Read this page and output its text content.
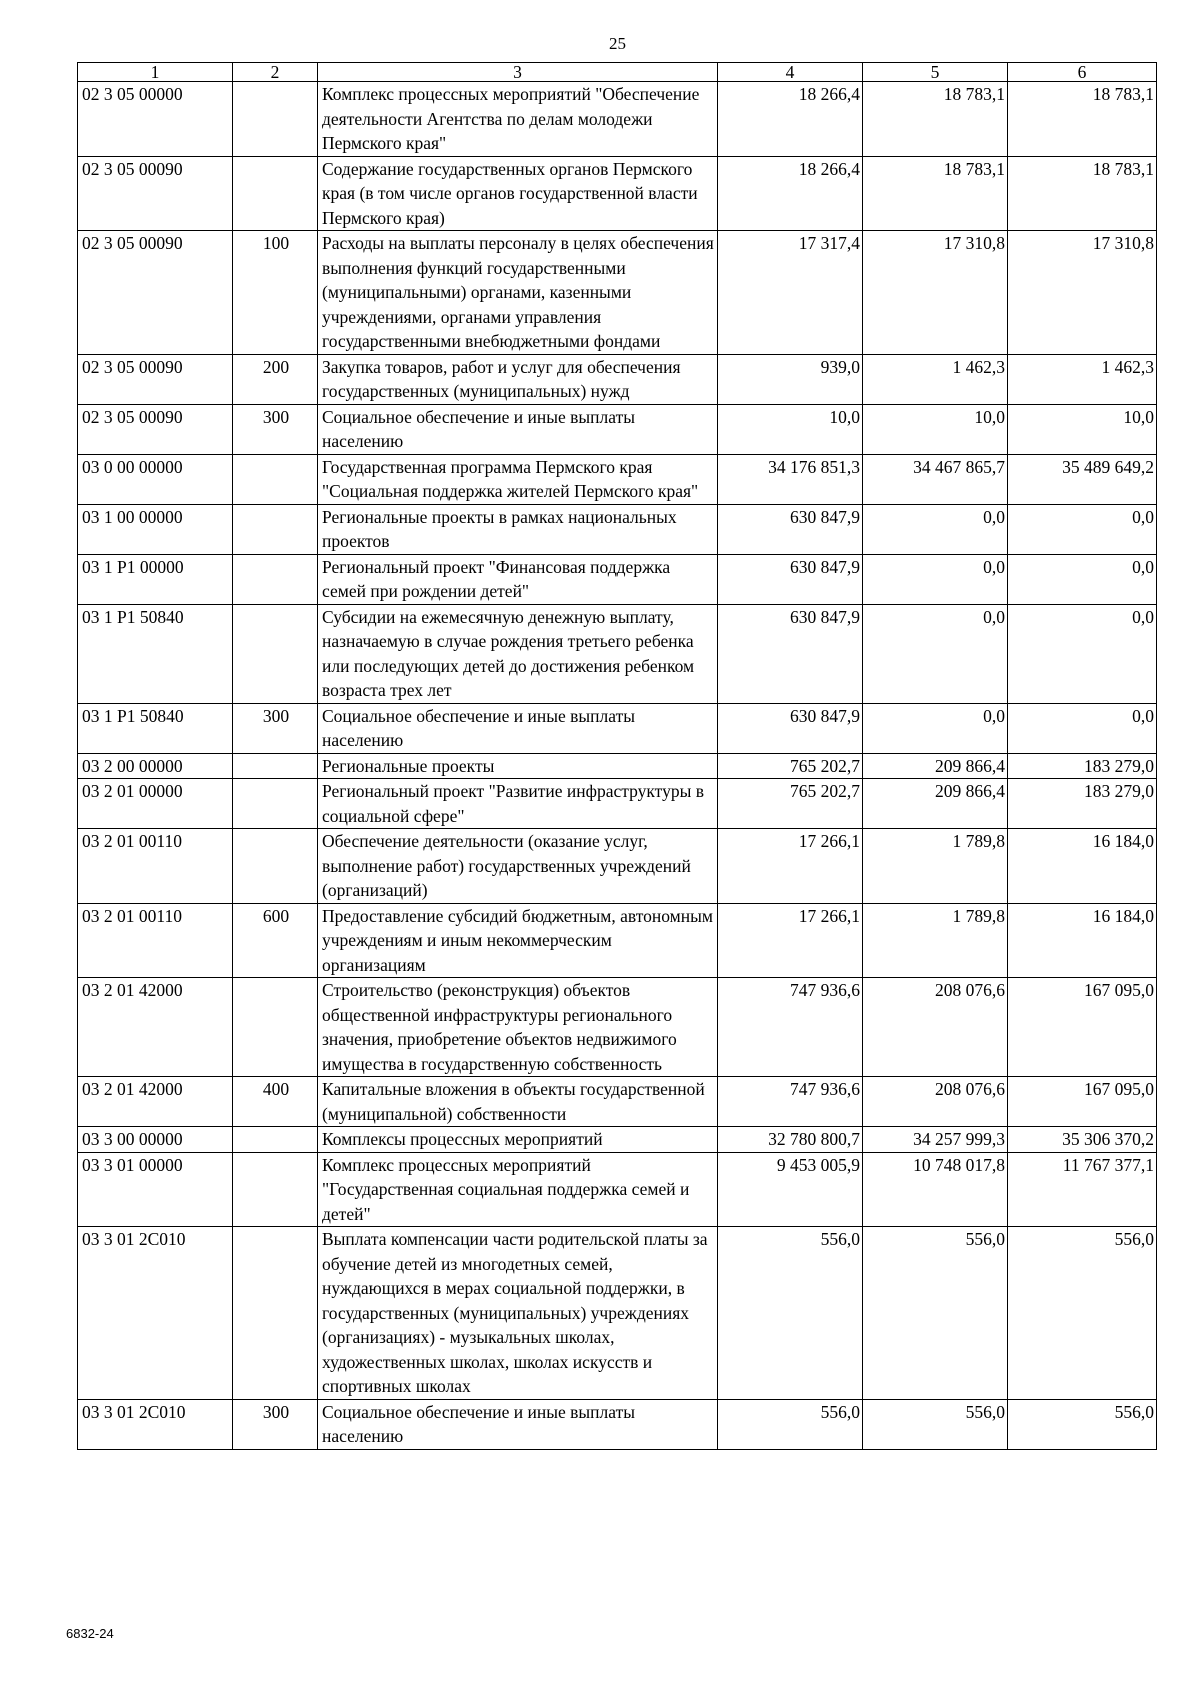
25
1	2	3	4	5	6
02 3 05 00000		Комплекс процессных мероприятий "Обеспечение деятельности Агентства по делам молодежи Пермского края"	18 266,4	18 783,1	18 783,1
02 3 05 00090		Содержание государственных органов Пермского края (в том числе органов государственной власти Пермского края)	18 266,4	18 783,1	18 783,1
02 3 05 00090	100	Расходы на выплаты персоналу в целях обеспечения выполнения функций государственными (муниципальными) органами, казенными учреждениями, органами управления государственными внебюджетными фондами	17 317,4	17 310,8	17 310,8
02 3 05 00090	200	Закупка товаров, работ и услуг для обеспечения государственных (муниципальных) нужд	939,0	1 462,3	1 462,3
02 3 05 00090	300	Социальное обеспечение и иные выплаты населению	10,0	10,0	10,0
03 0 00 00000		Государственная программа Пермского края "Социальная поддержка жителей Пермского края"	34 176 851,3	34 467 865,7	35 489 649,2
03 1 00 00000		Региональные проекты в рамках национальных проектов	630 847,9	0,0	0,0
03 1 P1 00000		Региональный проект "Финансовая поддержка семей при рождении детей"	630 847,9	0,0	0,0
03 1 P1 50840		Субсидии на ежемесячную денежную выплату, назначаемую в случае рождения третьего ребенка или последующих детей до достижения ребенком возраста трех лет	630 847,9	0,0	0,0
03 1 P1 50840	300	Социальное обеспечение и иные выплаты населению	630 847,9	0,0	0,0
03 2 00 00000		Региональные проекты	765 202,7	209 866,4	183 279,0
03 2 01 00000		Региональный проект "Развитие инфраструктуры в социальной сфере"	765 202,7	209 866,4	183 279,0
03 2 01 00110		Обеспечение деятельности (оказание услуг, выполнение работ) государственных учреждений (организаций)	17 266,1	1 789,8	16 184,0
03 2 01 00110	600	Предоставление субсидий бюджетным, автономным учреждениям и иным некоммерческим организациям	17 266,1	1 789,8	16 184,0
03 2 01 42000		Строительство (реконструкция) объектов общественной инфраструктуры регионального значения, приобретение объектов недвижимого имущества в государственную собственность	747 936,6	208 076,6	167 095,0
03 2 01 42000	400	Капитальные вложения в объекты государственной (муниципальной) собственности	747 936,6	208 076,6	167 095,0
03 3 00 00000		Комплексы процессных мероприятий	32 780 800,7	34 257 999,3	35 306 370,2
03 3 01 00000		Комплекс процессных мероприятий "Государственная социальная поддержка семей и детей"	9 453 005,9	10 748 017,8	11 767 377,1
03 3 01 2C010		Выплата компенсации части родительской платы за обучение детей из многодетных семей, нуждающихся в мерах социальной поддержки, в государственных (муниципальных) учреждениях (организациях) - музыкальных школах, художественных школах, школах искусств и спортивных школах	556,0	556,0	556,0
03 3 01 2C010	300	Социальное обеспечение и иные выплаты населению	556,0	556,0	556,0
6832-24
